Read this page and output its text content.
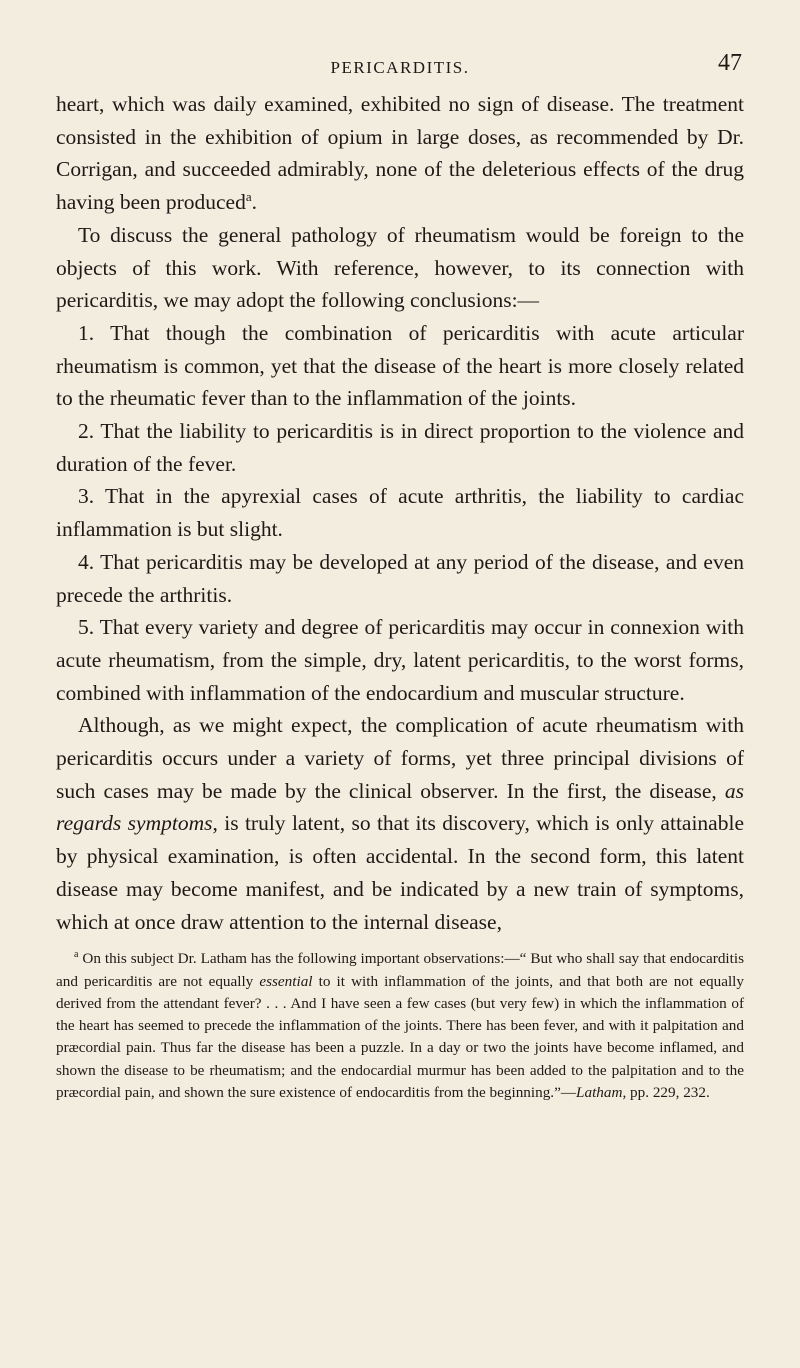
PERICARDITIS.	47

heart, which was daily examined, exhibited no sign of disease. The treatment consisted in the exhibition of opium in large doses, as recommended by Dr. Corrigan, and succeeded admirably, none of the deleterious effects of the drug having been produced$^a$.

To discuss the general pathology of rheumatism would be foreign to the objects of this work. With reference, however, to its connection with pericarditis, we may adopt the following conclusions:—

1. That though the combination of pericarditis with acute articular rheumatism is common, yet that the disease of the heart is more closely related to the rheumatic fever than to the inflammation of the joints.

2. That the liability to pericarditis is in direct proportion to the violence and duration of the fever.

3. That in the apyrexial cases of acute arthritis, the liability to cardiac inflammation is but slight.

4. That pericarditis may be developed at any period of the disease, and even precede the arthritis.

5. That every variety and degree of pericarditis may occur in connexion with acute rheumatism, from the simple, dry, latent pericarditis, to the worst forms, combined with inflammation of the endocardium and muscular structure.

Although, as we might expect, the complication of acute rheumatism with pericarditis occurs under a variety of forms, yet three principal divisions of such cases may be made by the clinical observer. In the first, the disease, as regards symptoms, is truly latent, so that its discovery, which is only attainable by physical examination, is often accidental. In the second form, this latent disease may become manifest, and be indicated by a new train of symptoms, which at once draw attention to the internal disease,

$^a$ On this subject Dr. Latham has the following important observations:—“ But who shall say that endocarditis and pericarditis are not equally essential to it with inflammation of the joints, and that both are not equally derived from the attendant fever? . . . And I have seen a few cases (but very few) in which the inflammation of the heart has seemed to precede the inflammation of the joints. There has been fever, and with it palpitation and præcordial pain. Thus far the disease has been a puzzle. In a day or two the joints have become inflamed, and shown the disease to be rheumatism; and the endocardial murmur has been added to the palpitation and to the præcordial pain, and shown the sure existence of endocarditis from the beginning.”—Latham, pp. 229, 232.
